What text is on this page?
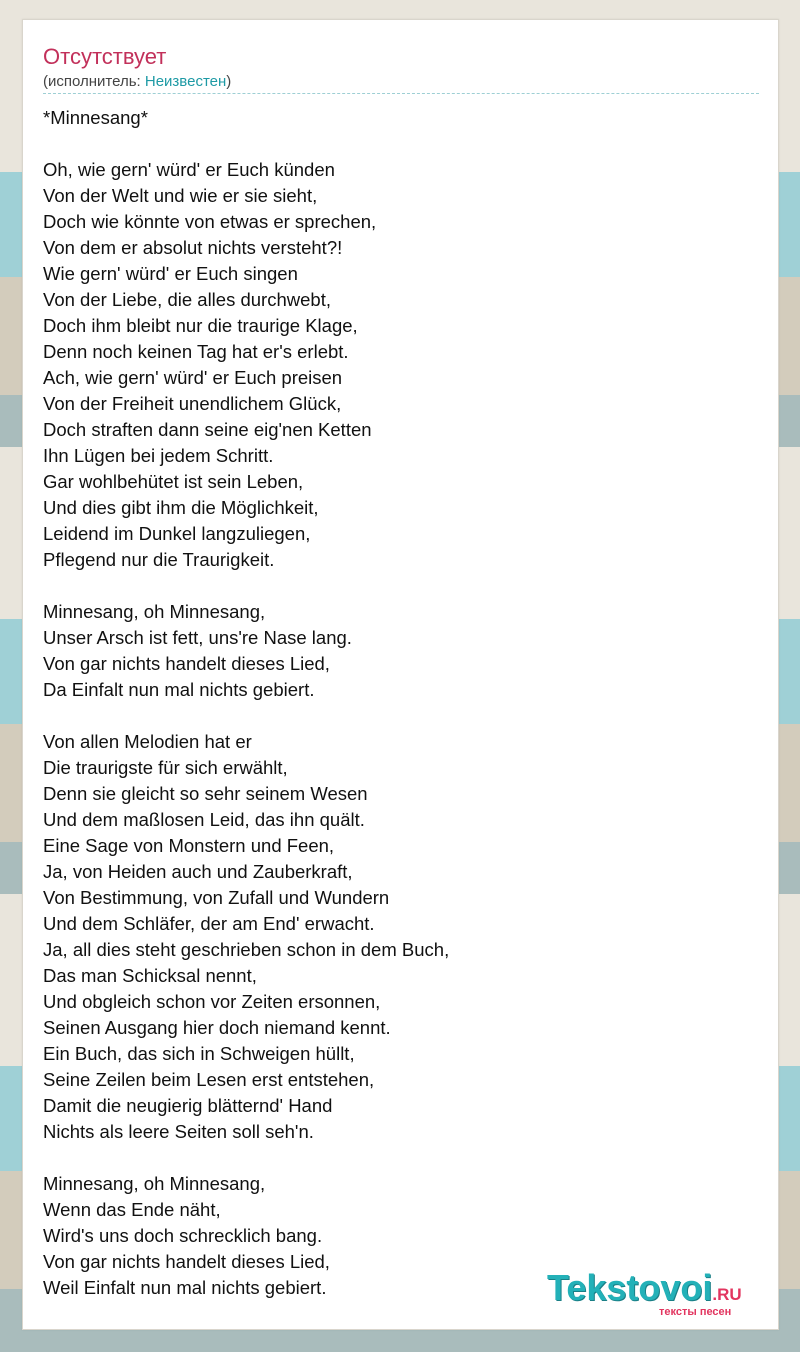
Отсутствует
(исполнитель: Неизвестен)
*Minnesang*
Oh, wie gern' würd' er Euch künden
Von der Welt und wie er sie sieht,
Doch wie könnte von etwas er sprechen,
Von dem er absolut nichts versteht?!
Wie gern' würd' er Euch singen
Von der Liebe, die alles durchwebt,
Doch ihm bleibt nur die traurige Klage,
Denn noch keinen Tag hat er's erlebt.
Ach, wie gern' würd' er Euch preisen
Von der Freiheit unendlichem Glück,
Doch straften dann seine eig'nen Ketten
Ihn Lügen bei jedem Schritt.
Gar wohlbehütet ist sein Leben,
Und dies gibt ihm die Möglichkeit,
Leidend im Dunkel langzuliegen,
Pflegend nur die Traurigkeit.
Minnesang, oh Minnesang,
Unser Arsch ist fett, uns're Nase lang.
Von gar nichts handelt dieses Lied,
Da Einfalt nun mal nichts gebiert.
Von allen Melodien hat er
Die traurigste für sich erwählt,
Denn sie gleicht so sehr seinem Wesen
Und dem maßlosen Leid, das ihn quält.
Eine Sage von Monstern und Feen,
Ja, von Heiden auch und Zauberkraft,
Von Bestimmung, von Zufall und Wundern
Und dem Schläfer, der am End' erwacht.
Ja, all dies steht geschrieben schon in dem Buch,
Das man Schicksal nennt,
Und obgleich schon vor Zeiten ersonnen,
Seinen Ausgang hier doch niemand kennt.
Ein Buch, das sich in Schweigen hüllt,
Seine Zeilen beim Lesen erst entstehen,
Damit die neugierig blätternd' Hand
Nichts als leere Seiten soll seh'n.
Minnesang, oh Minnesang,
Wenn das Ende näht,
Wird's uns doch schrecklich bang.
Von gar nichts handelt dieses Lied,
Weil Einfalt nun mal nichts gebiert.	Tekstovoi.RU
тексты песен
